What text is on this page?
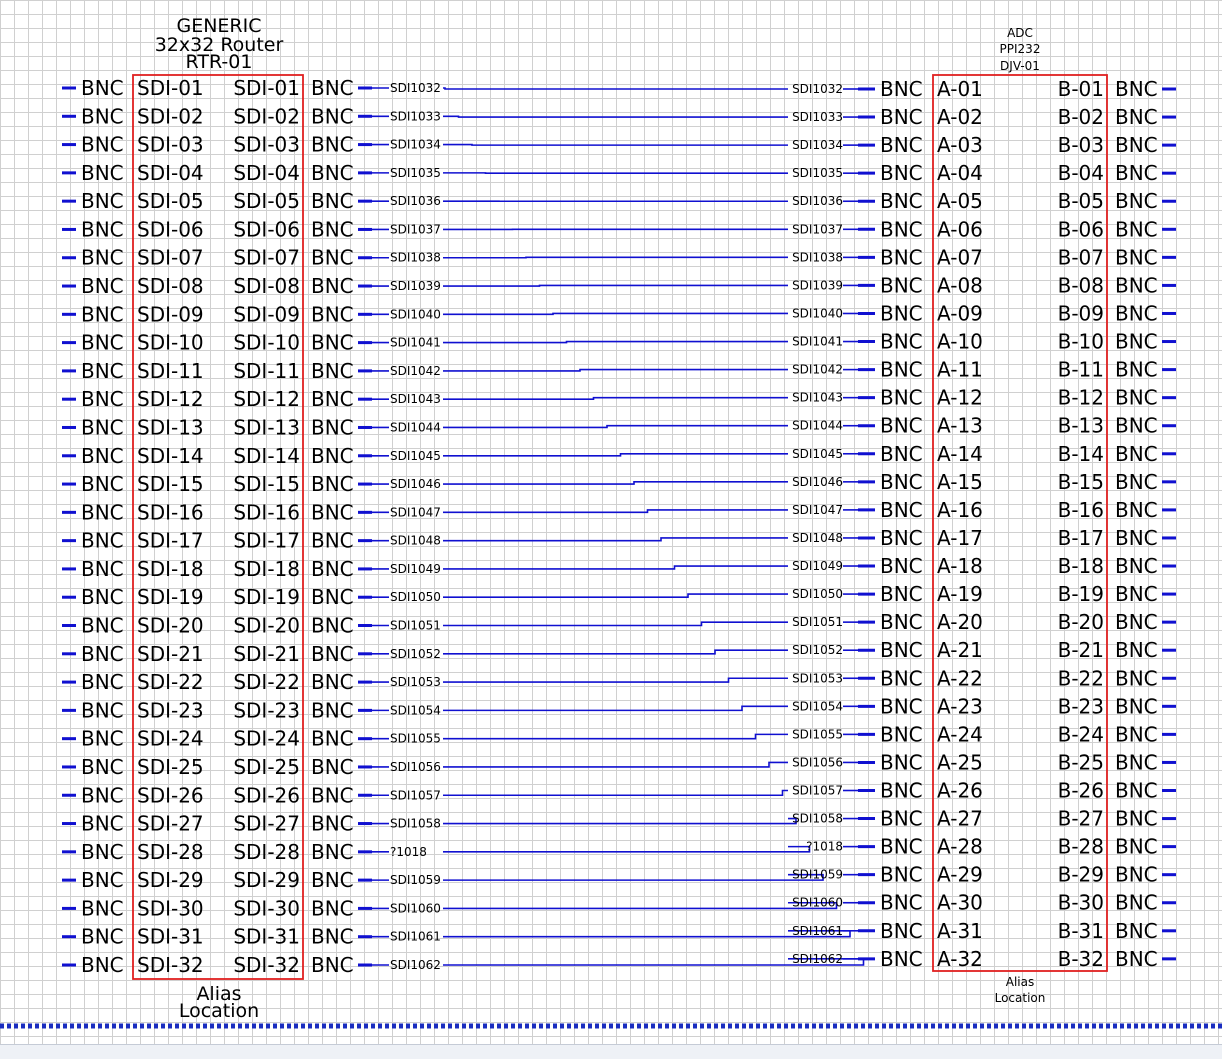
GENERIC
32x32 Router
RTR-01
Alias
Location
BNC SDI-01 SDI-01 BNC
BNC SDI-02 SDI-02 BNC
BNC SDI-03 SDI-03 BNC
BNC SDI-04 SDI-04 BNC
BNC SDI-05 SDI-05 BNC
BNC SDI-06 SDI-06 BNC
BNC SDI-07 SDI-07 BNC
BNC SDI-08 SDI-08 BNC
BNC SDI-09 SDI-09 BNC
BNC SDI-10 SDI-10 BNC
BNC SDI-11 SDI-11 BNC
BNC SDI-12 SDI-12 BNC
BNC SDI-13 SDI-13 BNC
BNC SDI-14 SDI-14 BNC
BNC SDI-15 SDI-15 BNC
BNC SDI-16 SDI-16 BNC
BNC SDI-17 SDI-17 BNC
BNC SDI-18 SDI-18 BNC
BNC SDI-19 SDI-19 BNC
BNC SDI-20 SDI-20 BNC
BNC SDI-21 SDI-21 BNC
BNC SDI-22 SDI-22 BNC
BNC SDI-23 SDI-23 BNC
BNC SDI-24 SDI-24 BNC
BNC SDI-25 SDI-25 BNC
BNC SDI-26 SDI-26 BNC
BNC SDI-27 SDI-27 BNC
BNC SDI-28 SDI-28 BNC
BNC SDI-29 SDI-29 BNC
BNC SDI-30 SDI-30 BNC
BNC SDI-31 SDI-31 BNC
BNC SDI-32 SDI-32 BNC
ADC
PPI232
DJV-01
Alias
Location
BNC A-01	B-01 BNC
BNC A-02	B-02 BNC
BNC A-03	B-03 BNC
BNC A-04	B-04 BNC
BNC A-05	B-05 BNC
BNC A-06	B-06 BNC
BNC A-07	B-07 BNC
BNC A-08	B-08 BNC
BNC A-09	B-09 BNC
BNC A-10	B-10 BNC
BNC A-11	B-11 BNC
BNC A-12	B-12 BNC
BNC A-13	B-13 BNC
BNC A-14	B-14 BNC
BNC A-15	B-15 BNC
BNC A-16	B-16 BNC
BNC A-17	B-17 BNC
BNC A-18	B-18 BNC
BNC A-19	B-19 BNC
BNC A-20	B-20 BNC
BNC A-21	B-21 BNC
BNC A-22	B-22 BNC
BNC A-23	B-23 BNC
BNC A-24	B-24 BNC
BNC A-25	B-25 BNC
BNC A-26	B-26 BNC
BNC A-27	B-27 BNC
BNC A-28	B-28 BNC
BNC A-29	B-29 BNC
BNC A-30	B-30 BNC
BNC A-31	B-31 BNC
BNC A-32	B-32 BNC
SDI1032	SDI1032
SDI1033	SDI1033
SDI1034	SDI1034
SDI1035	SDI1035
SDI1036	SDI1036
SDI1037	SDI1037
SDI1038	SDI1038
SDI1039	SDI1039
SDI1040	SDI1040
SDI1041	SDI1041
SDI1042	SDI1042
SDI1043	SDI1043
SDI1044	SDI1044
SDI1045	SDI1045
SDI1046	SDI1046
SDI1047	SDI1047
SDI1048	SDI1048
SDI1049	SDI1049
SDI1050	SDI1050
SDI1051	SDI1051
SDI1052	SDI1052
SDI1053	SDI1053
SDI1054	SDI1054
SDI1055	SDI1055
SDI1056	SDI1056
SDI1057	SDI1057
SDI1058	SDI1058
?1018	?1018
SDI1059	SDI1059
SDI1060	SDI1060
SDI1061	SDI1061
SDI1062	SDI1062
